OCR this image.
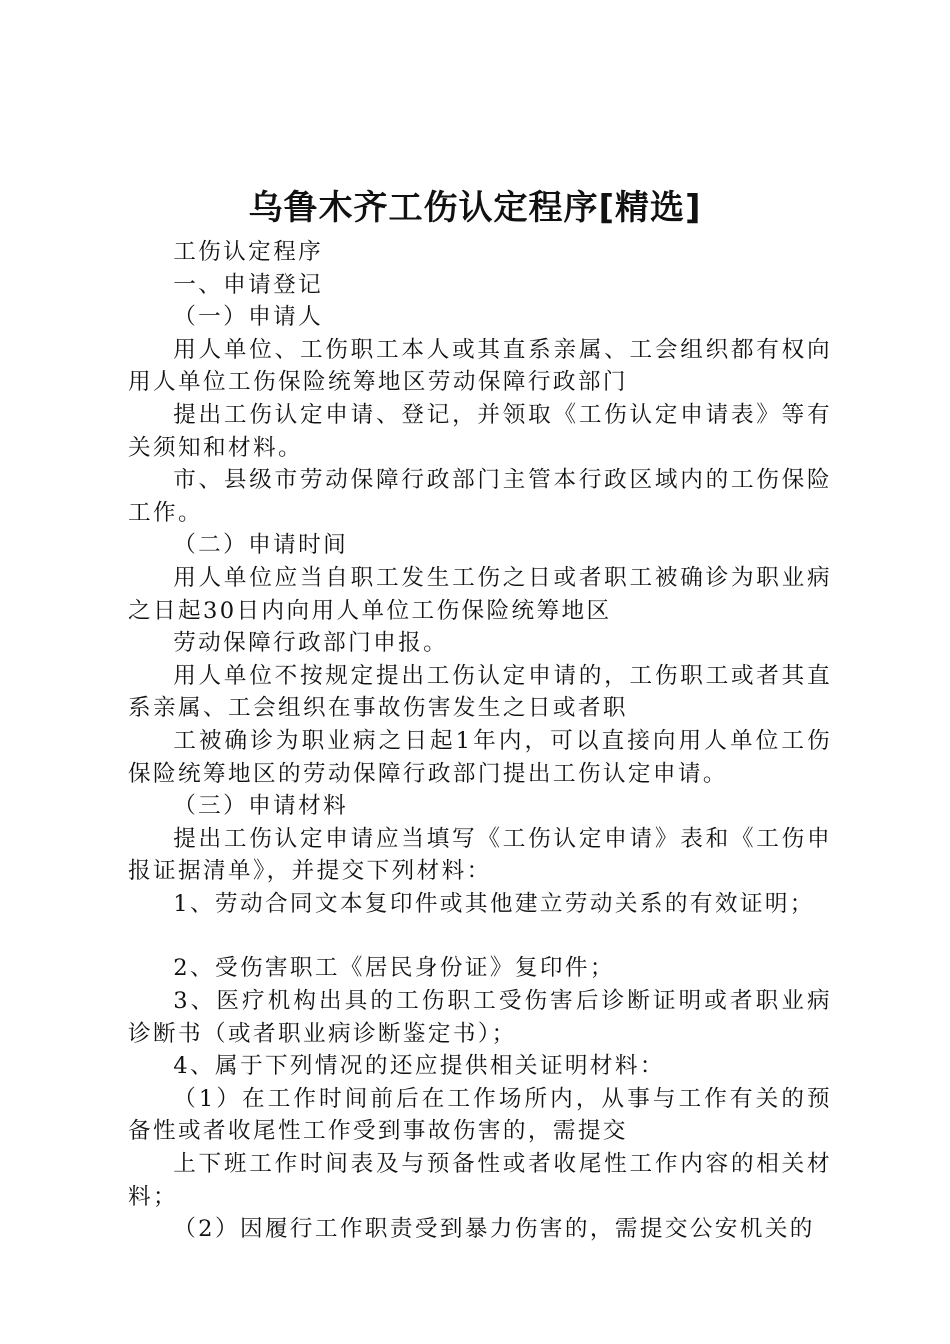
乌鲁木齐工伤认定程序[精选]

工伤认定程序

一、申请登记

（一）申请人

用人单位、工伤职工本人或其直系亲属、工会组织都有权向用人单位工伤保险统筹地区劳动保障行政部门

提出工伤认定申请、登记，并领取《工伤认定申请表》等有关须知和材料。

市、县级市劳动保障行政部门主管本行政区域内的工伤保险工作。

（二）申请时间

用人单位应当自职工发生工伤之日或者职工被确诊为职业病之日起30日内向用人单位工伤保险统筹地区

劳动保障行政部门申报。

用人单位不按规定提出工伤认定申请的，工伤职工或者其直系亲属、工会组织在事故伤害发生之日或者职

工被确诊为职业病之日起1年内，可以直接向用人单位工伤保险统筹地区的劳动保障行政部门提出工伤认定申请。

（三）申请材料

提出工伤认定申请应当填写《工伤认定申请》表和《工伤申报证据清单》，并提交下列材料：

1、劳动合同文本复印件或其他建立劳动关系的有效证明；

2、受伤害职工《居民身份证》复印件；

3、医疗机构出具的工伤职工受伤害后诊断证明或者职业病诊断书（或者职业病诊断鉴定书）；

4、属于下列情况的还应提供相关证明材料：

（1）在工作时间前后在工作场所内，从事与工作有关的预备性或者收尾性工作受到事故伤害的，需提交

上下班工作时间表及与预备性或者收尾性工作内容的相关材料；

（2）因履行工作职责受到暴力伤害的，需提交公安机关的
